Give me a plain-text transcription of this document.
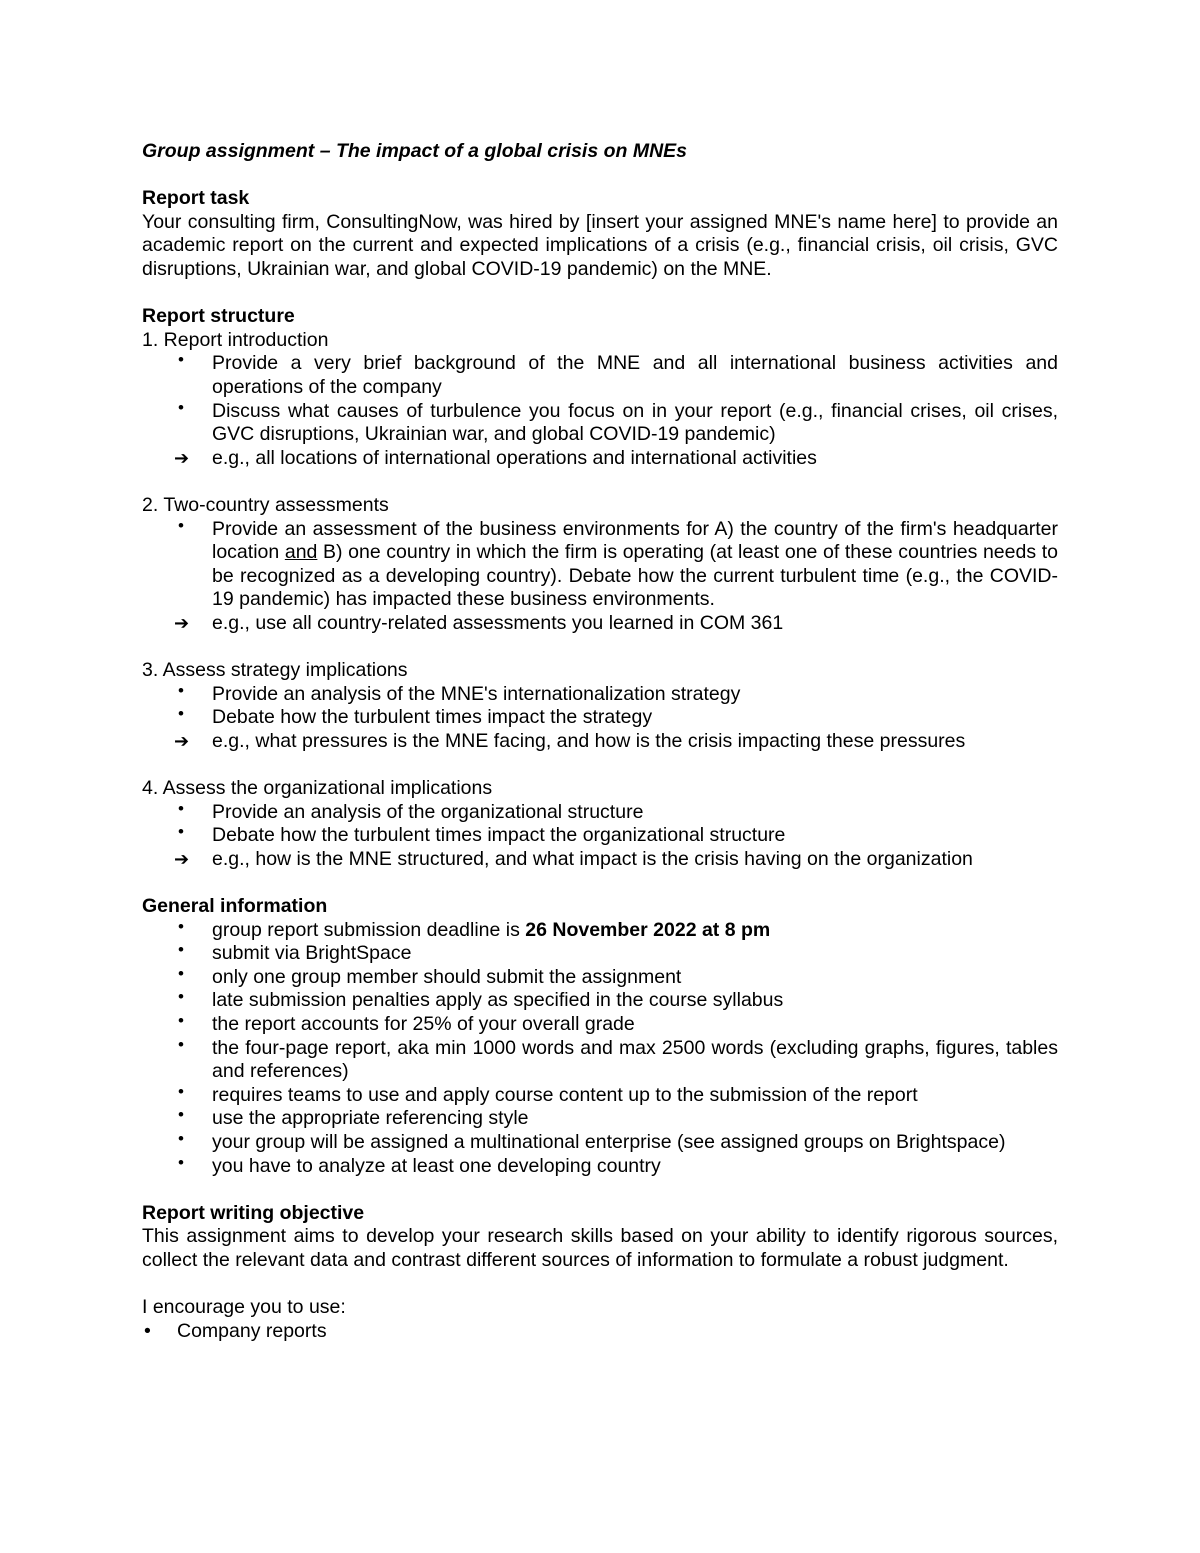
Group assignment – The impact of a global crisis on MNEs
Report task
Your consulting firm, ConsultingNow, was hired by [insert your assigned MNE's name here] to provide an academic report on the current and expected implications of a crisis (e.g., financial crisis, oil crisis, GVC disruptions, Ukrainian war, and global COVID-19 pandemic) on the MNE.
Report structure
1. Report introduction
• Provide a very brief background of the MNE and all international business activities and operations of the company
• Discuss what causes of turbulence you focus on in your report (e.g., financial crises, oil crises, GVC disruptions, Ukrainian war, and global COVID-19 pandemic)
➔ e.g., all locations of international operations and international activities
2. Two-country assessments
• Provide an assessment of the business environments for A) the country of the firm's headquarter location and B) one country in which the firm is operating (at least one of these countries needs to be recognized as a developing country). Debate how the current turbulent time (e.g., the COVID-19 pandemic) has impacted these business environments.
➔ e.g., use all country-related assessments you learned in COM 361
3. Assess strategy implications
• Provide an analysis of the MNE's internationalization strategy
• Debate how the turbulent times impact the strategy
➔ e.g., what pressures is the MNE facing, and how is the crisis impacting these pressures
4. Assess the organizational implications
• Provide an analysis of the organizational structure
• Debate how the turbulent times impact the organizational structure
➔ e.g., how is the MNE structured, and what impact is the crisis having on the organization
General information
• group report submission deadline is 26 November 2022 at 8 pm
• submit via BrightSpace
• only one group member should submit the assignment
• late submission penalties apply as specified in the course syllabus
• the report accounts for 25% of your overall grade
• the four-page report, aka min 1000 words and max 2500 words (excluding graphs, figures, tables and references)
• requires teams to use and apply course content up to the submission of the report
• use the appropriate referencing style
• your group will be assigned a multinational enterprise (see assigned groups on Brightspace)
• you have to analyze at least one developing country
Report writing objective
This assignment aims to develop your research skills based on your ability to identify rigorous sources, collect the relevant data and contrast different sources of information to formulate a robust judgment.
I encourage you to use:
• Company reports
